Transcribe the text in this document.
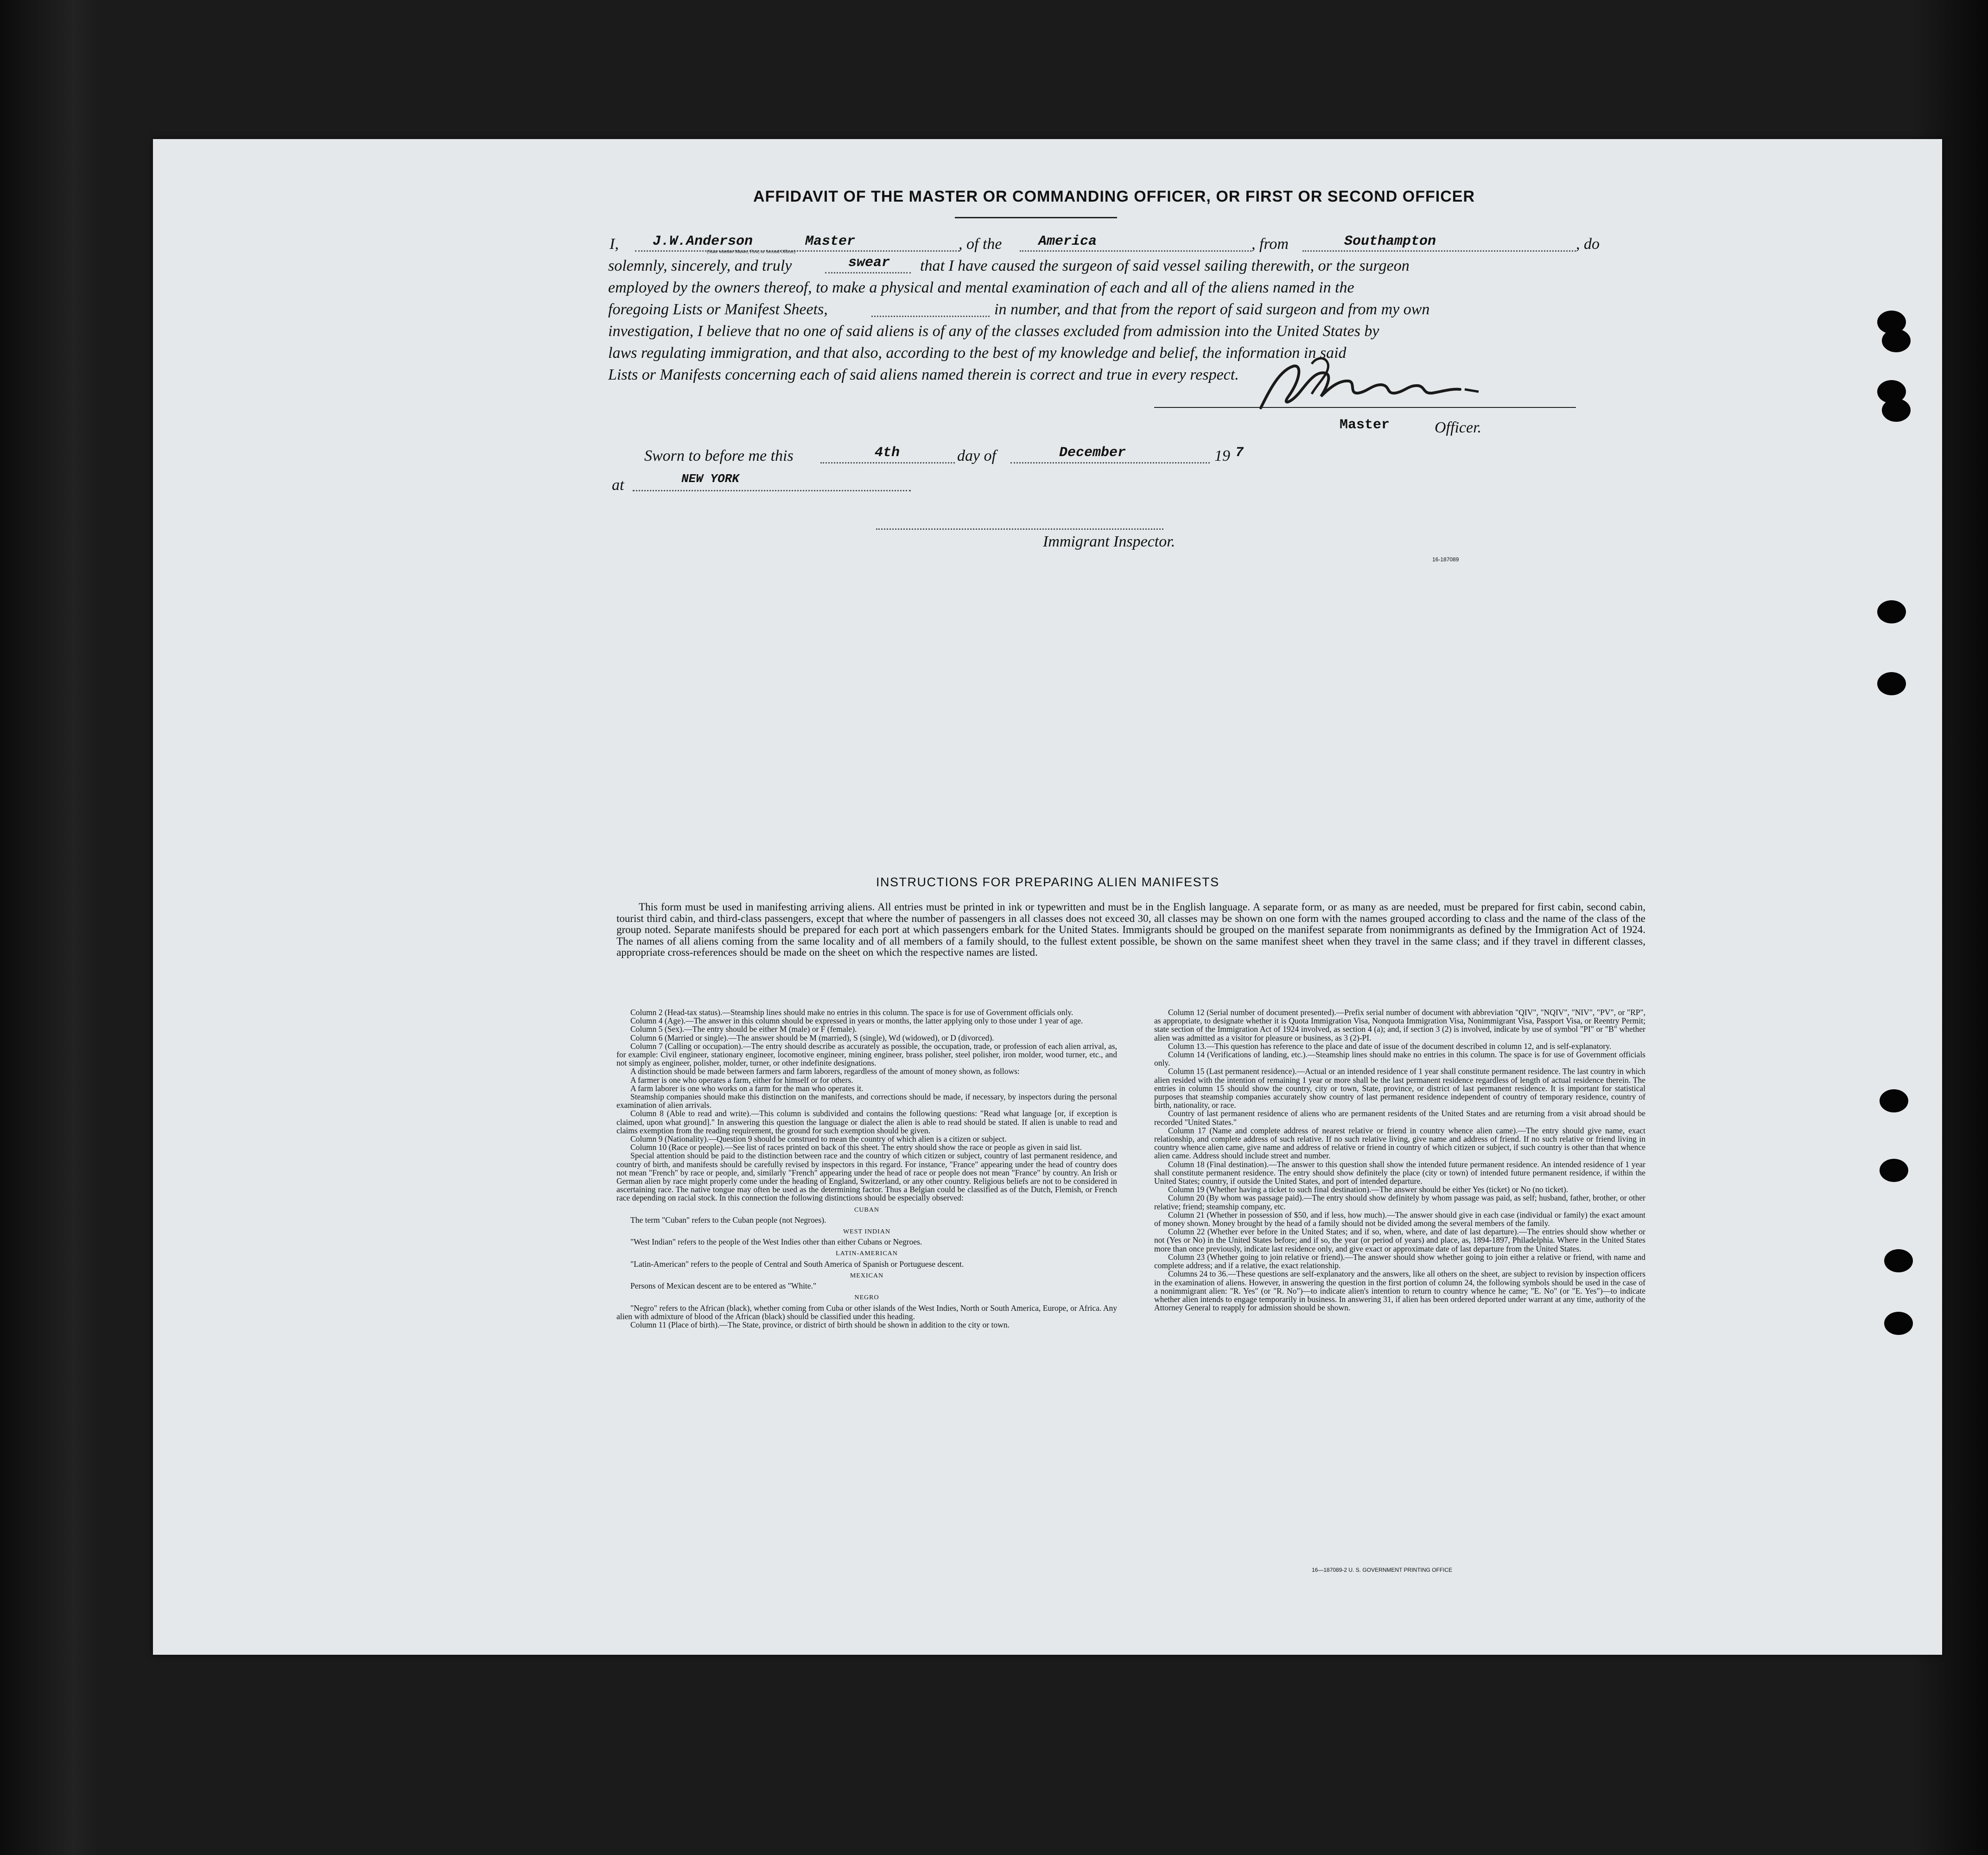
AFFIDAVIT OF THE MASTER OR COMMANDING OFFICER, OR FIRST OR SECOND OFFICER
I, J.W.Anderson	Master
(State whether Master, First, or Second Officer)	, of the	America	, from	Southampton	, do
solemnly, sincerely, and truly	swear that I have caused the surgeon of said vessel sailing therewith, or the surgeon
employed by the owners thereof, to make a physical and mental examination of each and all of the aliens named in the
foregoing Lists or Manifest Sheets,	in number, and that from the report of said surgeon and from my own
investigation, I believe that no one of said aliens is of any of the classes excluded from admission into the United States by
laws regulating immigration, and that also, according to the best of my knowledge and belief, the information in said
Lists or Manifests concerning each of said aliens named therein is correct and true in every respect.
Master	Officer.
Sworn to before me this	4th	day of	December	19 7
at	NEW YORK
Immigrant Inspector.
16-187089
INSTRUCTIONS FOR PREPARING ALIEN MANIFESTS
This form must be used in manifesting arriving aliens. All entries must be printed in ink or typewritten and must be in the English language. A separate form, or as many as are needed, must be prepared for first cabin, second cabin, tourist third cabin, and third-class passengers, except that where the number of passengers in all classes does not exceed 30, all classes may be shown on one form with the names grouped according to class and the name of the class of the group noted. Separate manifests should be prepared for each port at which passengers embark for the United States. Immigrants should be grouped on the manifest separate from nonimmigrants as defined by the Immigration Act of 1924. The names of all aliens coming from the same locality and of all members of a family should, to the fullest extent possible, be shown on the same manifest sheet when they travel in the same class; and if they travel in different classes, appropriate cross-references should be made on the sheet on which the respective names are listed.

Column 2 (Head-tax status).—Steamship lines should make no entries in this column. The space is for use of Government officials only.

Column 4 (Age).—The answer in this column should be expressed in years or months, the latter applying only to those under 1 year of age.

Column 5 (Sex).—The entry should be either M (male) or F (female).

Column 6 (Married or single).—The answer should be M (married), S (single), Wd (widowed), or D (divorced).

Column 7 (Calling or occupation).—The entry should describe as accurately as possible, the occupation, trade, or profession of each alien arrival, as, for example: Civil engineer, stationary engineer, locomotive engineer, mining engineer, brass polisher, steel polisher, iron molder, wood turner, etc., and not simply as engineer, polisher, molder, turner, or other indefinite designations.

A distinction should be made between farmers and farm laborers, regardless of the amount of money shown, as follows:

A farmer is one who operates a farm, either for himself or for others.

A farm laborer is one who works on a farm for the man who operates it.

Steamship companies should make this distinction on the manifests, and corrections should be made, if necessary, by inspectors during the personal examination of alien arrivals.

Column 8 (Able to read and write).—This column is subdivided and contains the following questions: "Read what language [or, if exception is claimed, upon what ground]." In answering this question the language or dialect the alien is able to read should be stated. If alien is unable to read and claims exemption from the reading requirement, the ground for such exemption should be given.

Column 9 (Nationality).—Question 9 should be construed to mean the country of which alien is a citizen or subject.

Column 10 (Race or people).—See list of races printed on back of this sheet. The entry should show the race or people as given in said list.

Special attention should be paid to the distinction between race and the country of which citizen or subject, country of last permanent residence, and country of birth, and manifests should be carefully revised by inspectors in this regard. For instance, "France" appearing under the head of country does not mean "French" by race or people, and, similarly "French" appearing under the head of race or people does not mean "France" by country. An Irish or German alien by race might properly come under the heading of England, Switzerland, or any other country. Religious beliefs are not to be considered in ascertaining race. The native tongue may often be used as the determining factor. Thus a Belgian could be classified as of the Dutch, Flemish, or French race depending on racial stock. In this connection the following distinctions should be especially observed:

CUBAN

The term "Cuban" refers to the Cuban people (not Negroes).

WEST INDIAN

"West Indian" refers to the people of the West Indies other than either Cubans or Negroes.

LATIN-AMERICAN

"Latin-American" refers to the people of Central and South America of Spanish or Portuguese descent.

MEXICAN

Persons of Mexican descent are to be entered as "White."

NEGRO

"Negro" refers to the African (black), whether coming from Cuba or other islands of the West Indies, North or South America, Europe, or Africa. Any alien with admixture of blood of the African (black) should be classified under this heading.

Column 11 (Place of birth).—The State, province, or district of birth should be shown in addition to the city or town.

Column 12 (Serial number of document presented).—Prefix serial number of document with abbreviation "QIV", "NQIV", "NIV", "PV", or "RP", as appropriate, to designate whether it is Quota Immigration Visa, Nonquota Immigration Visa, Nonimmigrant Visa, Passport Visa, or Reentry Permit; state section of the Immigration Act of 1924 involved, as section 4 (a); and, if section 3 (2) is involved, indicate by use of symbol "PI" or "B" whether alien was admitted as a visitor for pleasure or business, as 3 (2)-PI.

Column 13.—This question has reference to the place and date of issue of the document described in column 12, and is self-explanatory.

Column 14 (Verifications of landing, etc.).—Steamship lines should make no entries in this column. The space is for use of Government officials only.

Column 15 (Last permanent residence).—Actual or an intended residence of 1 year shall constitute permanent residence. The last country in which alien resided with the intention of remaining 1 year or more shall be the last permanent residence regardless of length of actual residence therein. The entries in column 15 should show the country, city or town, State, province, or district of last permanent residence. It is important for statistical purposes that steamship companies accurately show country of last permanent residence independent of country of temporary residence, country of birth, nationality, or race.

Country of last permanent residence of aliens who are permanent residents of the United States and are returning from a visit abroad should be recorded "United States."

Column 17 (Name and complete address of nearest relative or friend in country whence alien came).—The entry should give name, exact relationship, and complete address of such relative. If no such relative living, give name and address of friend. If no such relative or friend living in country whence alien came, give name and address of relative or friend in country of which citizen or subject, if such country is other than that whence alien came. Address should include street and number.

Column 18 (Final destination).—The answer to this question shall show the intended future permanent residence. An intended residence of 1 year shall constitute permanent residence. The entry should show definitely the place (city or town) of intended future permanent residence, if within the United States; country, if outside the United States, and port of intended departure.

Column 19 (Whether having a ticket to such final destination).—The answer should be either Yes (ticket) or No (no ticket).

Column 20 (By whom was passage paid).—The entry should show definitely by whom passage was paid, as self; husband, father, brother, or other relative; friend; steamship company, etc.

Column 21 (Whether in possession of $50, and if less, how much).—The answer should give in each case (individual or family) the exact amount of money shown. Money brought by the head of a family should not be divided among the several members of the family.

Column 22 (Whether ever before in the United States; and if so, when, where, and date of last departure).—The entries should show whether or not (Yes or No) in the United States before; and if so, the year (or period of years) and place, as, 1894-1897, Philadelphia. Where in the United States more than once previously, indicate last residence only, and give exact or approximate date of last departure from the United States.

Column 23 (Whether going to join relative or friend).—The answer should show whether going to join either a relative or friend, with name and complete address; and if a relative, the exact relationship.

Columns 24 to 36.—These questions are self-explanatory and the answers, like all others on the sheet, are subject to revision by inspection officers in the examination of aliens. However, in answering the question in the first portion of column 24, the following symbols should be used in the case of a nonimmigrant alien: "R. Yes" (or "R. No")—to indicate alien's intention to return to country whence he came; "E. No" (or "E. Yes")—to indicate whether alien intends to engage temporarily in business. In answering 31, if alien has been ordered deported under warrant at any time, authority of the Attorney General to reapply for admission should be shown.

16—187089-2 U. S. GOVERNMENT PRINTING OFFICE
